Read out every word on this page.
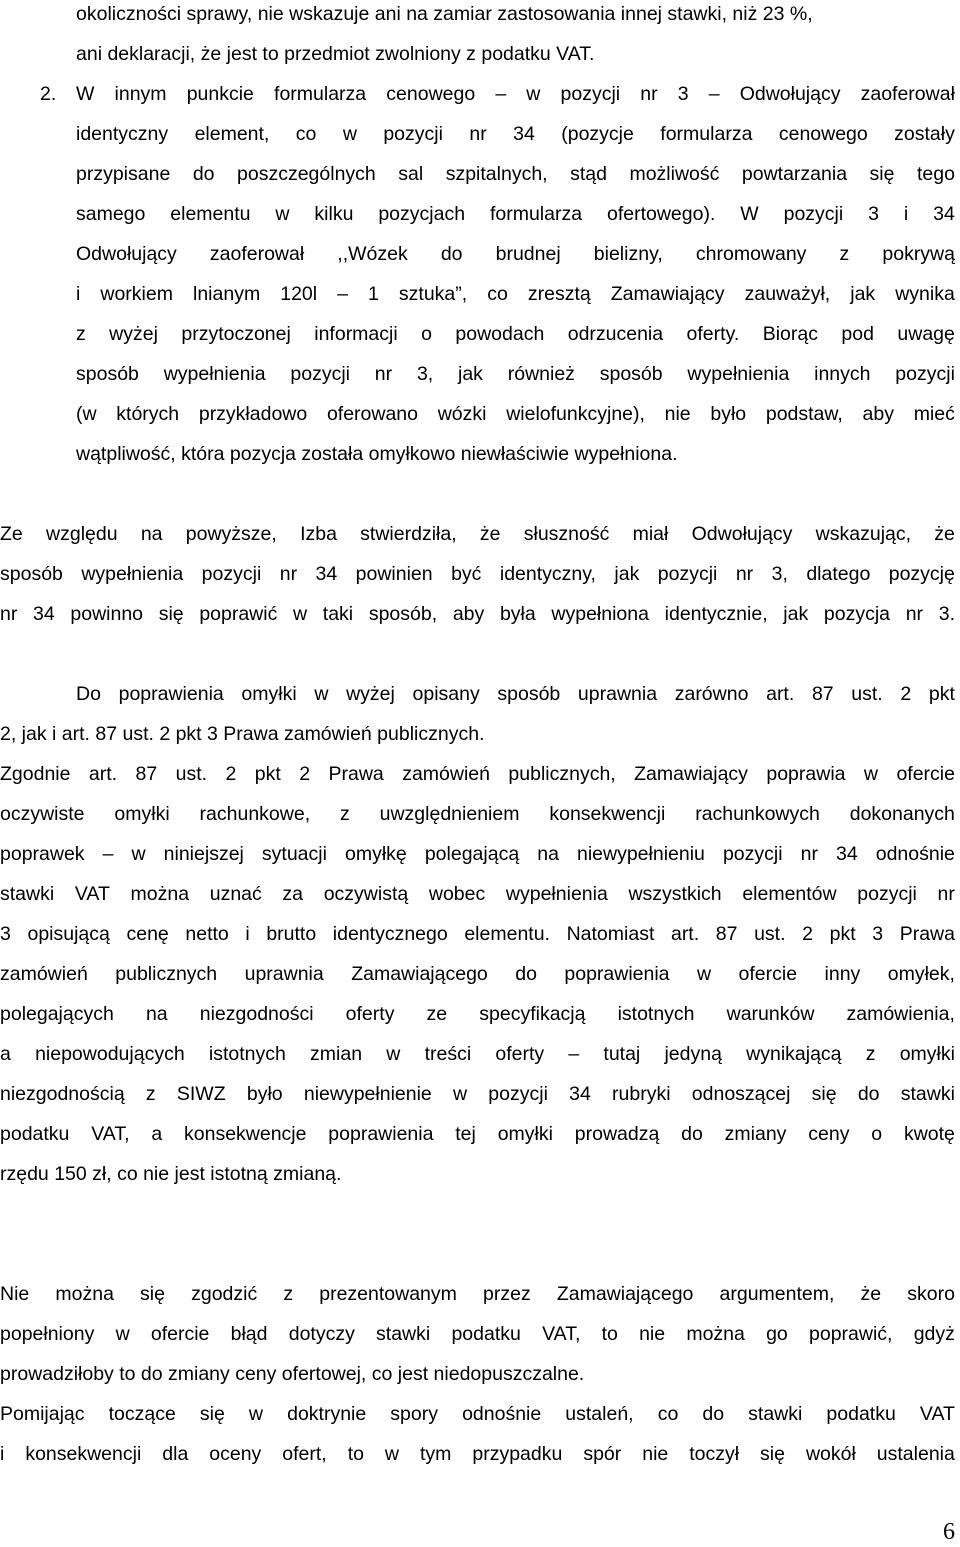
okoliczności sprawy, nie wskazuje ani na zamiar zastosowania innej stawki, niż 23 %,
ani deklaracji, że jest to przedmiot zwolniony z podatku VAT.
2. W innym punkcie formularza cenowego – w pozycji nr 3 – Odwołujący zaoferował
identyczny element, co w pozycji nr 34 (pozycje formularza cenowego zostały
przypisane do poszczególnych sal szpitalnych, stąd możliwość powtarzania się tego
samego elementu w kilku pozycjach formularza ofertowego). W pozycji 3 i 34
Odwołujący zaoferował ,,Wózek do brudnej bielizny, chromowany z pokrywą
i workiem lnianym 120l – 1 sztuka”, co zresztą Zamawiający zauważył, jak wynika
z wyżej przytoczonej informacji o powodach odrzucenia oferty. Biorąc pod uwagę
sposób wypełnienia pozycji nr 3, jak również sposób wypełnienia innych pozycji
(w których przykładowo oferowano wózki wielofunkcyjne), nie było podstaw, aby mieć
wątpliwość, która pozycja została omyłkowo niewłaściwie wypełniona.
Ze względu na powyższe, Izba stwierdziła, że słuszność miał Odwołujący wskazując, że
sposób wypełnienia pozycji nr 34 powinien być identyczny, jak pozycji nr 3, dlatego pozycję
nr 34 powinno się poprawić w taki sposób, aby była wypełniona identycznie, jak pozycja nr 3.
Do poprawienia omyłki w wyżej opisany sposób uprawnia zarówno art. 87 ust. 2 pkt
2, jak i art. 87 ust. 2 pkt 3 Prawa zamówień publicznych.
Zgodnie art. 87 ust. 2 pkt 2 Prawa zamówień publicznych, Zamawiający poprawia w ofercie
oczywiste omyłki rachunkowe, z uwzględnieniem konsekwencji rachunkowych dokonanych
poprawek – w niniejszej sytuacji omyłkę polegającą na niewypełnieniu pozycji nr 34 odnośnie
stawki VAT można uznać za oczywistą wobec wypełnienia wszystkich elementów pozycji nr
3 opisującą cenę netto i brutto identycznego elementu. Natomiast art. 87 ust. 2 pkt 3 Prawa
zamówień publicznych uprawnia Zamawiającego do poprawienia w ofercie inny omyłek,
polegających na niezgodności oferty ze specyfikacją istotnych warunków zamówienia,
a niepowodujących istotnych zmian w treści oferty – tutaj jedyną wynikającą z omyłki
niezgodnością z SIWZ było niewypełnienie w pozycji 34 rubryki odnoszącej się do stawki
podatku VAT, a konsekwencje poprawienia tej omyłki prowadzą do zmiany ceny o kwotę
rzędu 150 zł, co nie jest istotną zmianą.
Nie można się zgodzić z prezentowanym przez Zamawiającego argumentem, że skoro
popełniony w ofercie błąd dotyczy stawki podatku VAT, to nie można go poprawić, gdyż
prowadziłoby to do zmiany ceny ofertowej, co jest niedopuszczalne.
Pomijając toczące się w doktrynie spory odnośnie ustaleń, co do stawki podatku VAT
i konsekwencji dla oceny ofert, to w tym przypadku spór nie toczył się wokół ustalenia
6
